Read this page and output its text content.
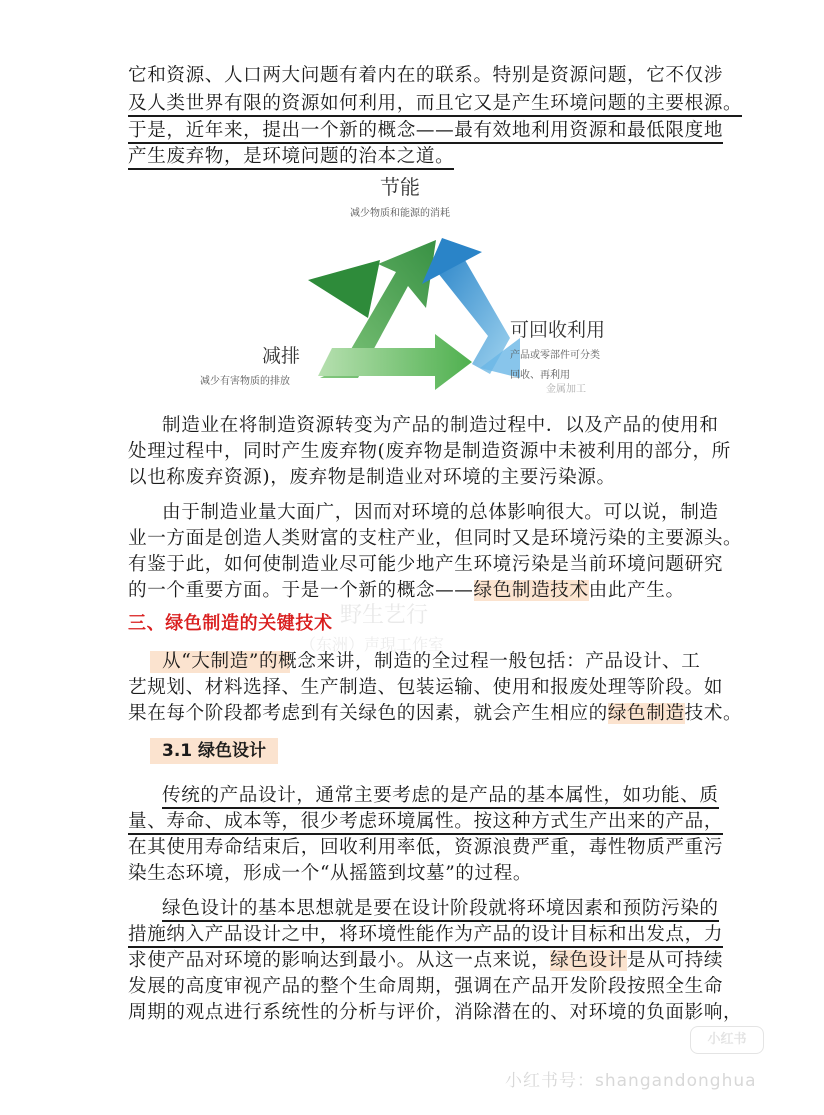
它和资源、人口两大问题有着内在的联系。特别是资源问题，它不仅涉
及人类世界有限的资源如何利用，而且它又是产生环境问题的主要根源。
于是，近年来，提出一个新的概念——最有效地利用资源和最低限度地
产生废弃物，是环境问题的治本之道。
节能
减少物质和能源的消耗
可回收利用
产品或零部件可分类
回收、再利用
金属加工
减排
减少有害物质的排放
制造业在将制造资源转变为产品的制造过程中．以及产品的使用和
处理过程中，同时产生废弃物(废弃物是制造资源中未被利用的部分，所
以也称废弃资源)，废弃物是制造业对环境的主要污染源。
由于制造业量大面广，因而对环境的总体影响很大。可以说，制造
业一方面是创造人类财富的支柱产业，但同时又是环境污染的主要源头。
有鉴于此，如何使制造业尽可能少地产生环境污染是当前环境问题研究
的一个重要方面。于是一个新的概念——绿色制造技术由此产生。
三、绿色制造的关键技术 野生艺行
（东洲）声現工作室
从“大制造”的概念来讲，制造的全过程一般包括：产品设计、工
艺规划、材料选择、生产制造、包装运输、使用和报废处理等阶段。如
果在每个阶段都考虑到有关绿色的因素，就会产生相应的绿色制造技术。
3.1 绿色设计
传统的产品设计，通常主要考虑的是产品的基本属性，如功能、质
量、寿命、成本等，很少考虑环境属性。按这种方式生产出来的产品，
在其使用寿命结束后，回收利用率低，资源浪费严重，毒性物质严重污
染生态环境，形成一个“从摇篮到坟墓”的过程。
绿色设计的基本思想就是要在设计阶段就将环境因素和预防污染的
措施纳入产品设计之中，将环境性能作为产品的设计目标和出发点，力
求使产品对环境的影响达到最小。从这一点来说，绿色设计是从可持续
发展的高度审视产品的整个生命周期，强调在产品开发阶段按照全生命
周期的观点进行系统性的分析与评价，消除潜在的、对环境的负面影响，
小红书
小红书号：shangandonghua
